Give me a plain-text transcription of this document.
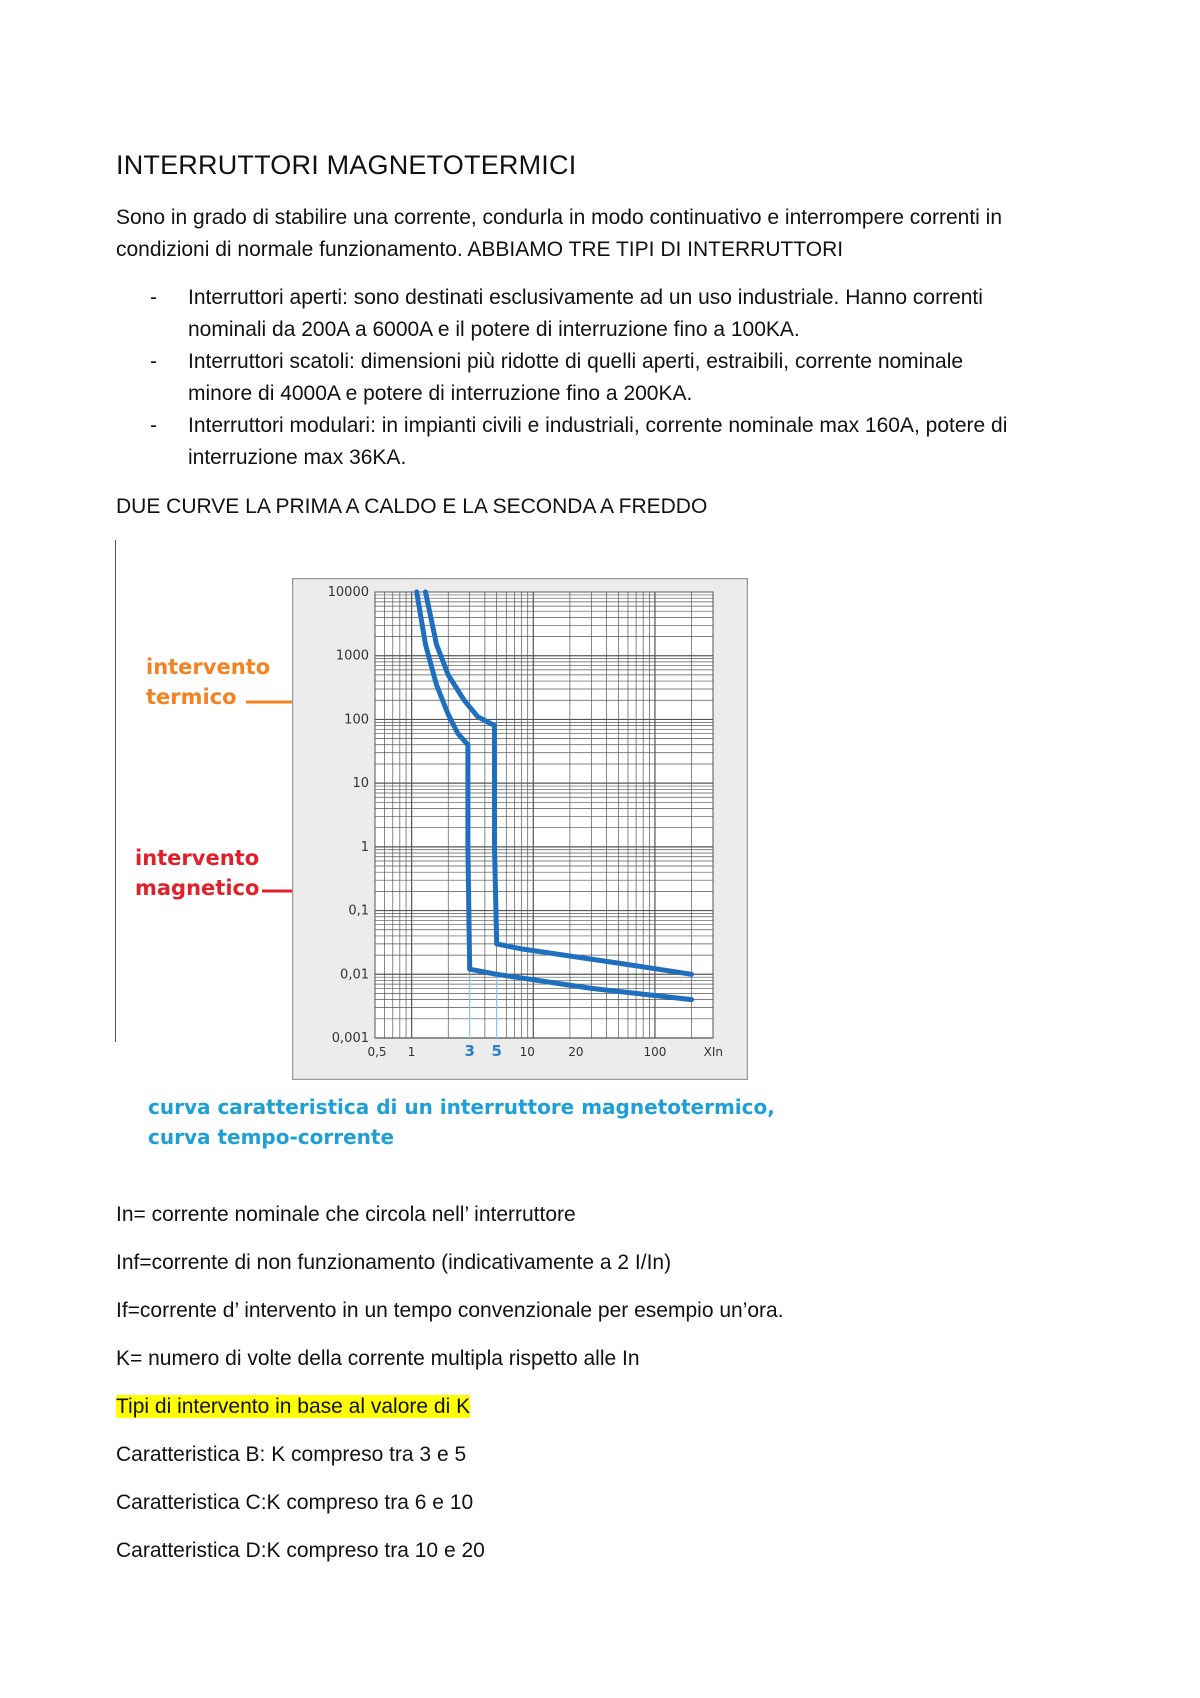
INTERRUTTORI MAGNETOTERMICI
Sono in grado di stabilire una corrente, condurla in modo continuativo e interrompere correnti in
condizioni di normale funzionamento. ABBIAMO TRE TIPI DI INTERRUTTORI
- Interruttori aperti: sono destinati esclusivamente ad un uso industriale. Hanno correnti
nominali da 200A a 6000A e il potere di interruzione fino a 100KA.
- Interruttori scatoli: dimensioni più ridotte di quelli aperti, estraibili, corrente nominale
minore di 4000A e potere di interruzione fino a 200KA.
- Interruttori modulari: in impianti civili e industriali, corrente nominale max 160A, potere di
interruzione max 36KA.
DUE CURVE LA PRIMA A CALDO E LA SECONDA A FREDDO
intervento
termico
intervento
magnetico
10000
1000
100
10
1
0,1
0,01
0,001
0,5 1	3 5 10	20	100	XIn
curva caratteristica di un interruttore magnetotermico,
curva tempo-corrente
In= corrente nominale che circola nell’ interruttore
Inf=corrente di non funzionamento (indicativamente a 2 I/In)
If=corrente d’ intervento in un tempo convenzionale per esempio un’ora.
K= numero di volte della corrente multipla rispetto alle In
Tipi di intervento in base al valore di K
Caratteristica B: K compreso tra 3 e 5
Caratteristica C:K compreso tra 6 e 10
Caratteristica D:K compreso tra 10 e 20
